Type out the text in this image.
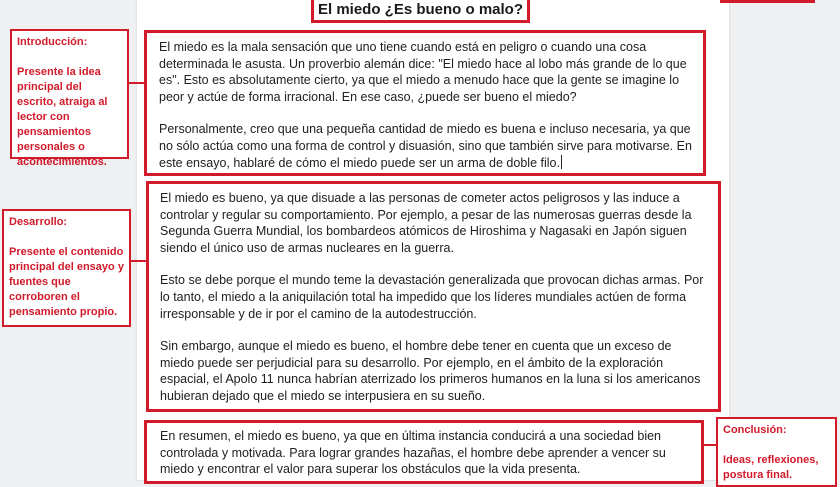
El miedo ¿Es bueno o malo?

Introducción:

Presente la idea principal del escrito, atraiga al lector con pensamientos personales o acontecimientos.

El miedo es la mala sensación que uno tiene cuando está en peligro o cuando una cosa determinada le asusta. Un proverbio alemán dice: "El miedo hace al lobo más grande de lo que es". Esto es absolutamente cierto, ya que el miedo a menudo hace que la gente se imagine lo peor y actúe de forma irracional. En ese caso, ¿puede ser bueno el miedo?

Personalmente, creo que una pequeña cantidad de miedo es buena e incluso necesaria, ya que no sólo actúa como una forma de control y disuasión, sino que también sirve para motivarse. En este ensayo, hablaré de cómo el miedo puede ser un arma de doble filo.

Desarrollo:

Presente el contenido principal del ensayo y fuentes que corroboren el pensamiento propio.

El miedo es bueno, ya que disuade a las personas de cometer actos peligrosos y las induce a controlar y regular su comportamiento. Por ejemplo, a pesar de las numerosas guerras desde la Segunda Guerra Mundial, los bombardeos atómicos de Hiroshima y Nagasaki en Japón siguen siendo el único uso de armas nucleares en la guerra.

Esto se debe porque el mundo teme la devastación generalizada que provocan dichas armas. Por lo tanto, el miedo a la aniquilación total ha impedido que los líderes mundiales actúen de forma irresponsable y de ir por el camino de la autodestrucción.

Sin embargo, aunque el miedo es bueno, el hombre debe tener en cuenta que un exceso de miedo puede ser perjudicial para su desarrollo. Por ejemplo, en el ámbito de la exploración espacial, el Apolo 11 nunca habrían aterrizado los primeros humanos en la luna si los americanos hubieran dejado que el miedo se interpusiera en su sueño.

En resumen, el miedo es bueno, ya que en última instancia conducirá a una sociedad bien controlada y motivada. Para lograr grandes hazañas, el hombre debe aprender a vencer su miedo y encontrar el valor para superar los obstáculos que la vida presenta.

Conclusión:

Ideas, reflexiones, postura final.
